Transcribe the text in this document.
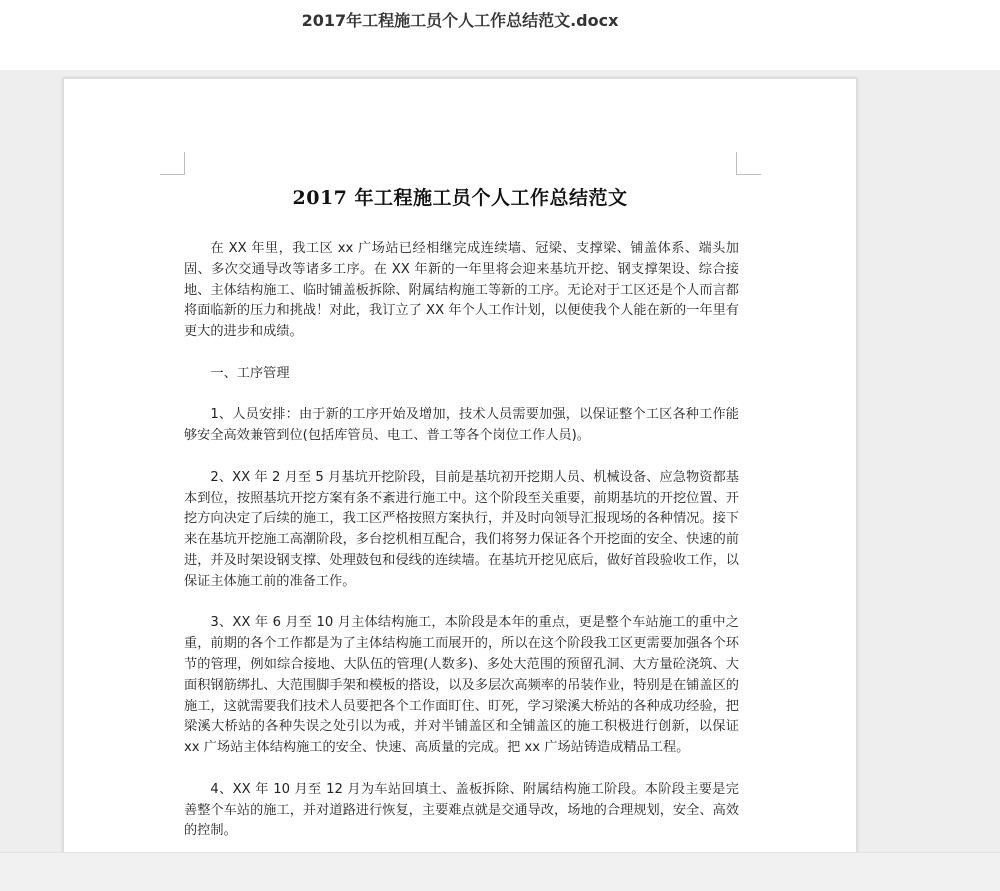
2017年工程施工员个人工作总结范文.docx
2017 年工程施工员个人工作总结范文

在 XX 年里，我工区 xx 广场站已经相继完成连续墙、冠梁、支撑梁、铺盖体系、端头加固、多次交通导改等诸多工序。在 XX 年新的一年里将会迎来基坑开挖、钢支撑架设、综合接地、主体结构施工、临时铺盖板拆除、附属结构施工等新的工序。无论对于工区还是个人而言都将面临新的压力和挑战！对此，我订立了 XX 年个人工作计划，以便使我个人能在新的一年里有更大的进步和成绩。

一、工序管理

1、人员安排：由于新的工序开始及增加，技术人员需要加强，以保证整个工区各种工作能够安全高效兼管到位(包括库管员、电工、普工等各个岗位工作人员)。

2、XX 年 2 月至 5 月基坑开挖阶段，目前是基坑初开挖期人员、机械设备、应急物资都基本到位，按照基坑开挖方案有条不紊进行施工中。这个阶段至关重要，前期基坑的开挖位置、开挖方向决定了后续的施工，我工区严格按照方案执行，并及时向领导汇报现场的各种情况。接下来在基坑开挖施工高潮阶段，多台挖机相互配合，我们将努力保证各个开挖面的安全、快速的前进，并及时架设钢支撑、处理鼓包和侵线的连续墙。在基坑开挖见底后，做好首段验收工作，以保证主体施工前的准备工作。

3、XX 年 6 月至 10 月主体结构施工，本阶段是本年的重点，更是整个车站施工的重中之重，前期的各个工作都是为了主体结构施工而展开的，所以在这个阶段我工区更需要加强各个环节的管理，例如综合接地、大队伍的管理(人数多)、多处大范围的预留孔洞、大方量砼浇筑、大面积钢筋绑扎、大范围脚手架和模板的搭设，以及多层次高频率的吊装作业，特别是在铺盖区的施工，这就需要我们技术人员要把各个工作面盯住、盯死，学习梁溪大桥站的各种成功经验，把梁溪大桥站的各种失误之处引以为戒，并对半铺盖区和全铺盖区的施工积极进行创新，以保证 xx 广场站主体结构施工的安全、快速、高质量的完成。把 xx 广场站铸造成精品工程。

4、XX 年 10 月至 12 月为车站回填土、盖板拆除、附属结构施工阶段。本阶段主要是完善整个车站的施工，并对道路进行恢复，主要难点就是交通导改，场地的合理规划，安全、高效的控制。
